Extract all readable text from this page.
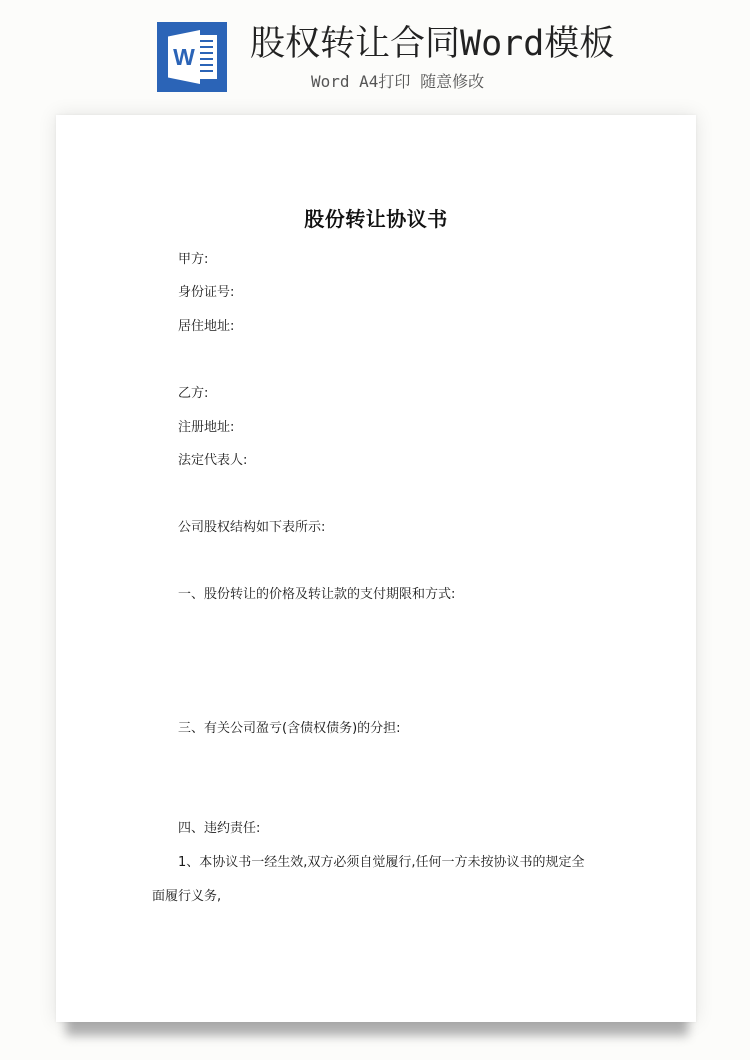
W 股权转让合同Word模板
Word A4打印 随意修改
股份转让协议书
甲方:
身份证号:
居住地址:
乙方:
注册地址:
法定代表人:
公司股权结构如下表所示:
一、股份转让的价格及转让款的支付期限和方式:
三、有关公司盈亏(含债权债务)的分担:
四、违约责任:
1、本协议书一经生效,双方必须自觉履行,任何一方未按协议书的规定全
面履行义务,
